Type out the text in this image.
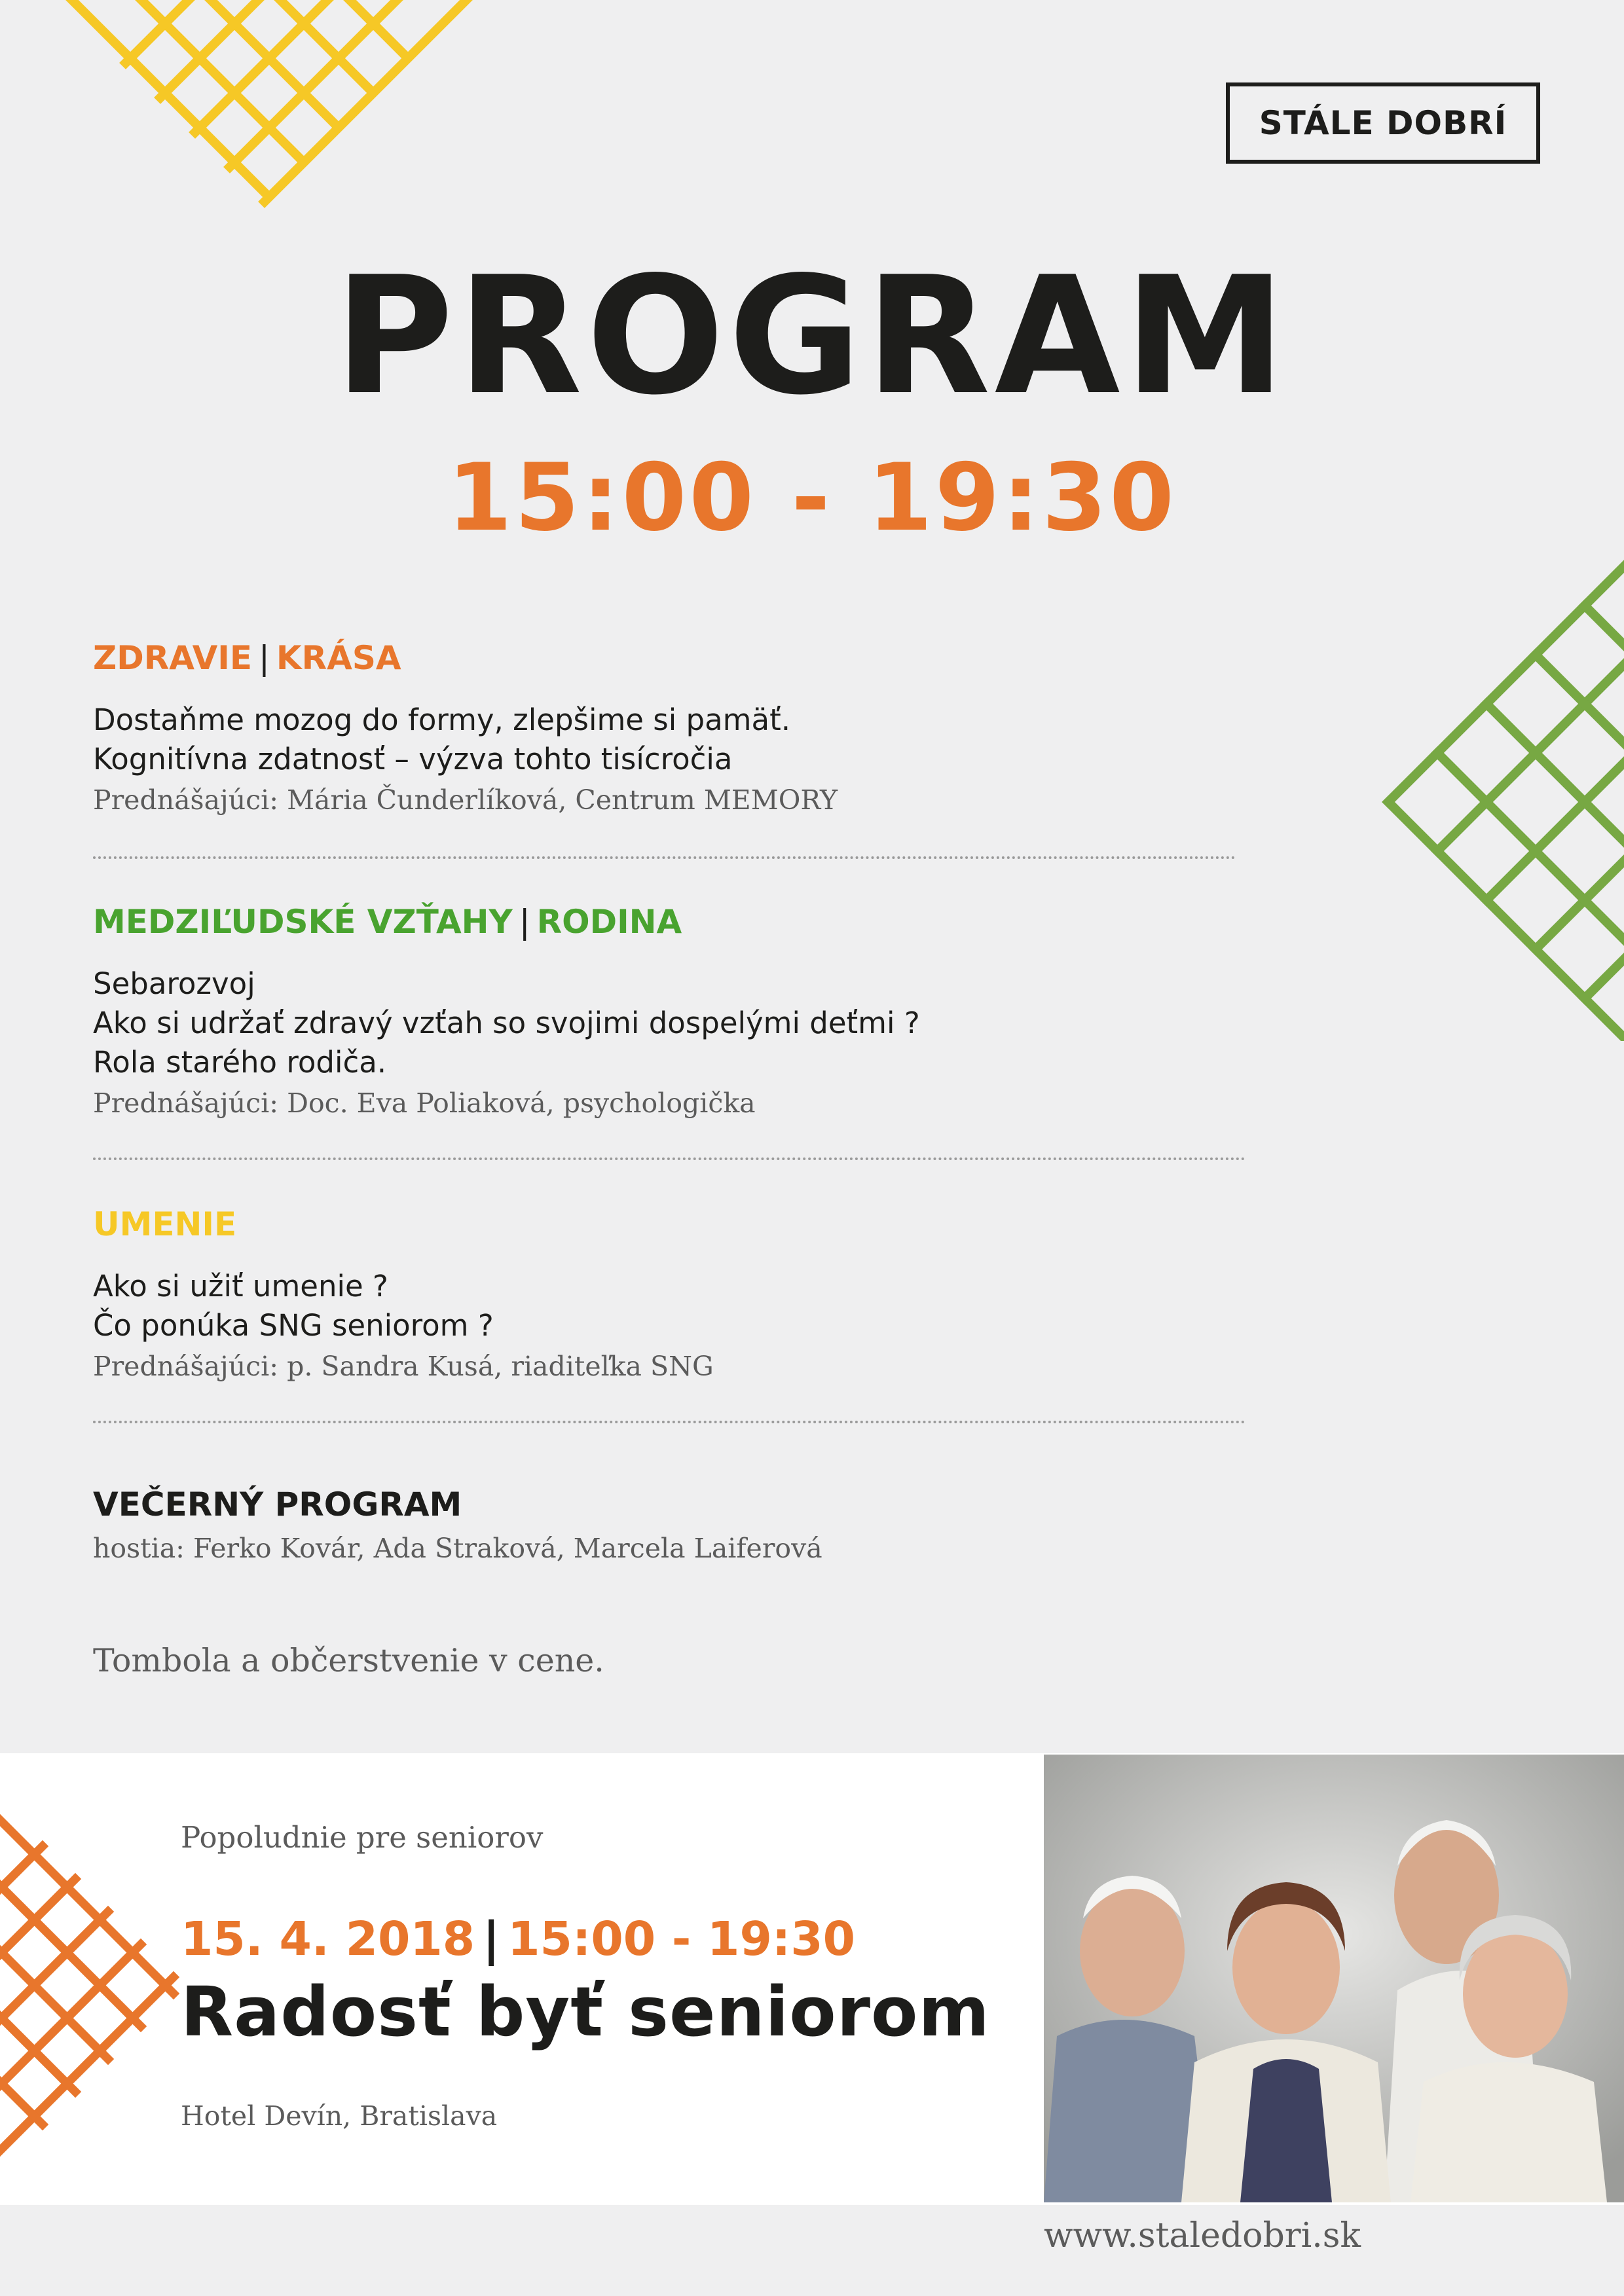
STÁLE DOBRÍ
PROGRAM
15:00 - 19:30
ZDRAVIE | KRÁSA
Dostaňme mozog do formy, zlepšime si pamäť.
Kognitívna zdatnosť – výzva tohto tisícročia
Prednášajúci: Mária Čunderlíková, Centrum MEMORY
MEDZIĽUDSKÉ VZŤAHY | RODINA
Sebarozvoj
Ako si udržať zdravý vzťah so svojimi dospelými deťmi ?
Rola starého rodiča.
Prednášajúci: Doc. Eva Poliaková, psychologička
UMENIE
Ako si užiť umenie ?
Čo ponúka SNG seniorom ?
Prednášajúci: p. Sandra Kusá, riaditeľka SNG
VEČERNÝ PROGRAM
hostia: Ferko Kovár, Ada Straková, Marcela Laiferová
Tombola a občerstvenie v cene.
Popoludnie pre seniorov
15. 4. 2018 | 15:00 - 19:30
Radosť byť seniorom
Hotel Devín, Bratislava
www.staledobri.sk
